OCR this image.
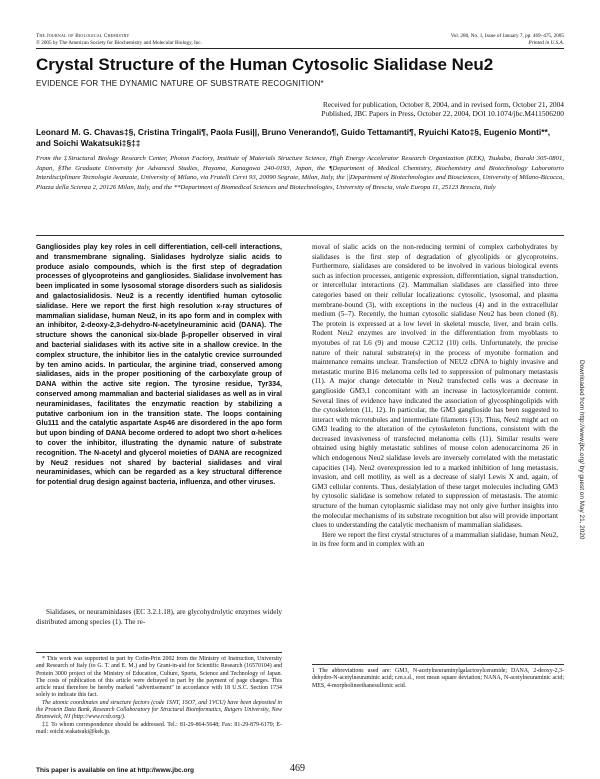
The Journal of Biological Chemistry
© 2005 by The American Society for Biochemistry and Molecular Biology, Inc.
Vol. 280, No. 1, Issue of January 7, pp. 469–475, 2005
Printed in U.S.A.
Crystal Structure of the Human Cytosolic Sialidase Neu2
EVIDENCE FOR THE DYNAMIC NATURE OF SUBSTRATE RECOGNITION*
Received for publication, October 8, 2004, and in revised form, October 21, 2004
Published, JBC Papers in Press, October 22, 2004, DOI 10.1074/jbc.M411506200
Leonard M. G. Chavas‡§, Cristina Tringali¶, Paola Fusi||, Bruno Venerando¶, Guido Tettamanti¶, Ryuichi Kato‡§, Eugenio Monti**, and Soichi Wakatsuki‡§‡‡
From the ‡Structural Biology Research Center, Photon Factory, Institute of Materials Structure Science, High Energy Accelerator Research Organization (KEK), Tsukuba, Ibaraki 305-0801, Japan, §The Graduate University for Advanced Studies, Hayama, Kanagawa 240-0193, Japan, the ¶Department of Medical Chemistry, Biochemistry and Biotechnology Laboratorio Interdisciplinare Tecnologie Avanzate, University of Milano, via Fratelli Cervi 93, 20090 Segrate, Milan, Italy, the ||Department of Biotechnologies and Biosciences, University of Milano-Bicocca, Piazza della Scienza 2, 20126 Milan, Italy, and the **Department of Biomedical Sciences and Biotechnologies, University of Brescia, viale Europa 11, 25123 Brescia, Italy
Gangliosides play key roles in cell differentiation, cell-cell interactions, and transmembrane signaling. Sialidases hydrolyze sialic acids to produce asialo compounds, which is the first step of degradation processes of glycoproteins and gangliosides. Sialidase involvement has been implicated in some lysosomal storage disorders such as sialidosis and galactosialidosis. Neu2 is a recently identified human cytosolic sialidase. Here we report the first high resolution x-ray structures of mammalian sialidase, human Neu2, in its apo form and in complex with an inhibitor, 2-deoxy-2,3-dehydro-N-acetylneuraminic acid (DANA). The structure shows the canonical six-blade β-propeller observed in viral and bacterial sialidases with its active site in a shallow crevice. In the complex structure, the inhibitor lies in the catalytic crevice surrounded by ten amino acids. In particular, the arginine triad, conserved among sialidases, aids in the proper positioning of the carboxylate group of DANA within the active site region. The tyrosine residue, Tyr334, conserved among mammalian and bacterial sialidases as well as in viral neuraminidases, facilitates the enzymatic reaction by stabilizing a putative carbonium ion in the transition state. The loops containing Glu111 and the catalytic aspartate Asp46 are disordered in the apo form but upon binding of DANA become ordered to adopt two short α-helices to cover the inhibitor, illustrating the dynamic nature of substrate recognition. The N-acetyl and glycerol moieties of DANA are recognized by Neu2 residues not shared by bacterial sialidases and viral neuraminidases, which can be regarded as a key structural difference for potential drug design against bacteria, influenza, and other viruses.
Sialidases, or neuraminidases (EC 3.2.1.18), are glycohydrolytic enzymes widely distributed among species (1). The re-

* This work was supported in part by Cofin-Prin 2002 from the Ministry of Instruction, University and Research of Italy (to G. T. and E. M.) and by Grant-in-aid for Scientific Research (16570104) and Protein 3000 project of the Ministry of Education, Culture, Sports, Science and Technology of Japan. The costs of publication of this article were defrayed in part by the payment of page charges. This article must therefore be hereby marked "advertisement" in accordance with 18 U.S.C. Section 1734 solely to indicate this fact.

The atomic coordinates and structure factors (code 1SNT, 1SO7, and 1VCU) have been deposited in the Protein Data Bank, Research Collaboratory for Structural Bioinformatics, Rutgers University, New Brunswick, NJ (http://www.rcsb.org/).

‡‡ To whom correspondence should be addressed. Tel.: 81-29-864-5648; Fax: 81-29-879-6179; E-mail: soichi.wakatsuki@kek.jp.

moval of sialic acids on the non-reducing termini of complex carbohydrates by sialidases is the first step of degradation of glycolipids or glycoproteins. Furthermore, sialidases are considered to be involved in various biological events such as infection processes, antigenic expression, differentiation, signal transduction, or intercellular interactions (2). Mammalian sialidases are classified into three categories based on their cellular localizations: cytosolic, lysosomal, and plasma membrane-bound (3), with exceptions in the nucleus (4) and in the extracellular medium (5–7). Recently, the human cytosolic sialidase Neu2 has been cloned (8). The protein is expressed at a low level in skeletal muscle, liver, and brain cells. Rodent Neu2 enzymes are involved in the differentiation from myoblasts to myotubes of rat L6 (9) and mouse C2C12 (10) cells. Unfortunately, the precise nature of their natural substrate(s) in the process of myotube formation and maintenance remains unclear. Transfection of NEU2 cDNA to highly invasive and metastatic murine B16 melanoma cells led to suppression of pulmonary metastasis (11). A major change detectable in Neu2 transfected cells was a decrease in ganglioside GM3,1 concomitant with an increase in lactosylceramide content. Several lines of evidence have indicated the association of glycosphingolipids with the cytoskeleton (11, 12). In particular, the GM3 ganglioside has been suggested to interact with microtubules and intermediate filaments (13). Thus, Neu2 might act on GM3 leading to the alteration of the cytoskeleton functions, consistent with the decreased invasiveness of transfected melanoma cells (11). Similar results were obtained using highly metastatic sublines of mouse colon adenocarcinoma 26 in which endogenous Neu2 sialidase levels are inversely correlated with the metastatic capacities (14). Neu2 overexpression led to a marked inhibition of lung metastasis, invasion, and cell motility, as well as a decrease of sialyl Lewis X and, again, of GM3 cellular contents. Thus, desialylation of these target molecules including GM3 by cytosolic sialidase is somehow related to suppression of metastasis. The atomic structure of the human cytoplasmic sialidase may not only give further insights into the molecular mechanisms of its substrate recognition but also will provide important clues to understanding the catalytic mechanism of mammalian sialidases.

Here we report the first crystal structures of a mammalian sialidase, human Neu2, in its free form and in complex with an

1 The abbreviations used are: GM3, N-acetylneuraminylgalactosylceramide; DANA, 2-deoxy-2,3-dehydro-N-acetylneuraminic acid; r.m.s.d., root mean square deviation; NANA, N-acetylneuraminic acid; MES, 4-morpholineethanesulfonic acid.
Downloaded from http://www.jbc.org/ by guest on May 21, 2020
This paper is available on line at http://www.jbc.org	469
